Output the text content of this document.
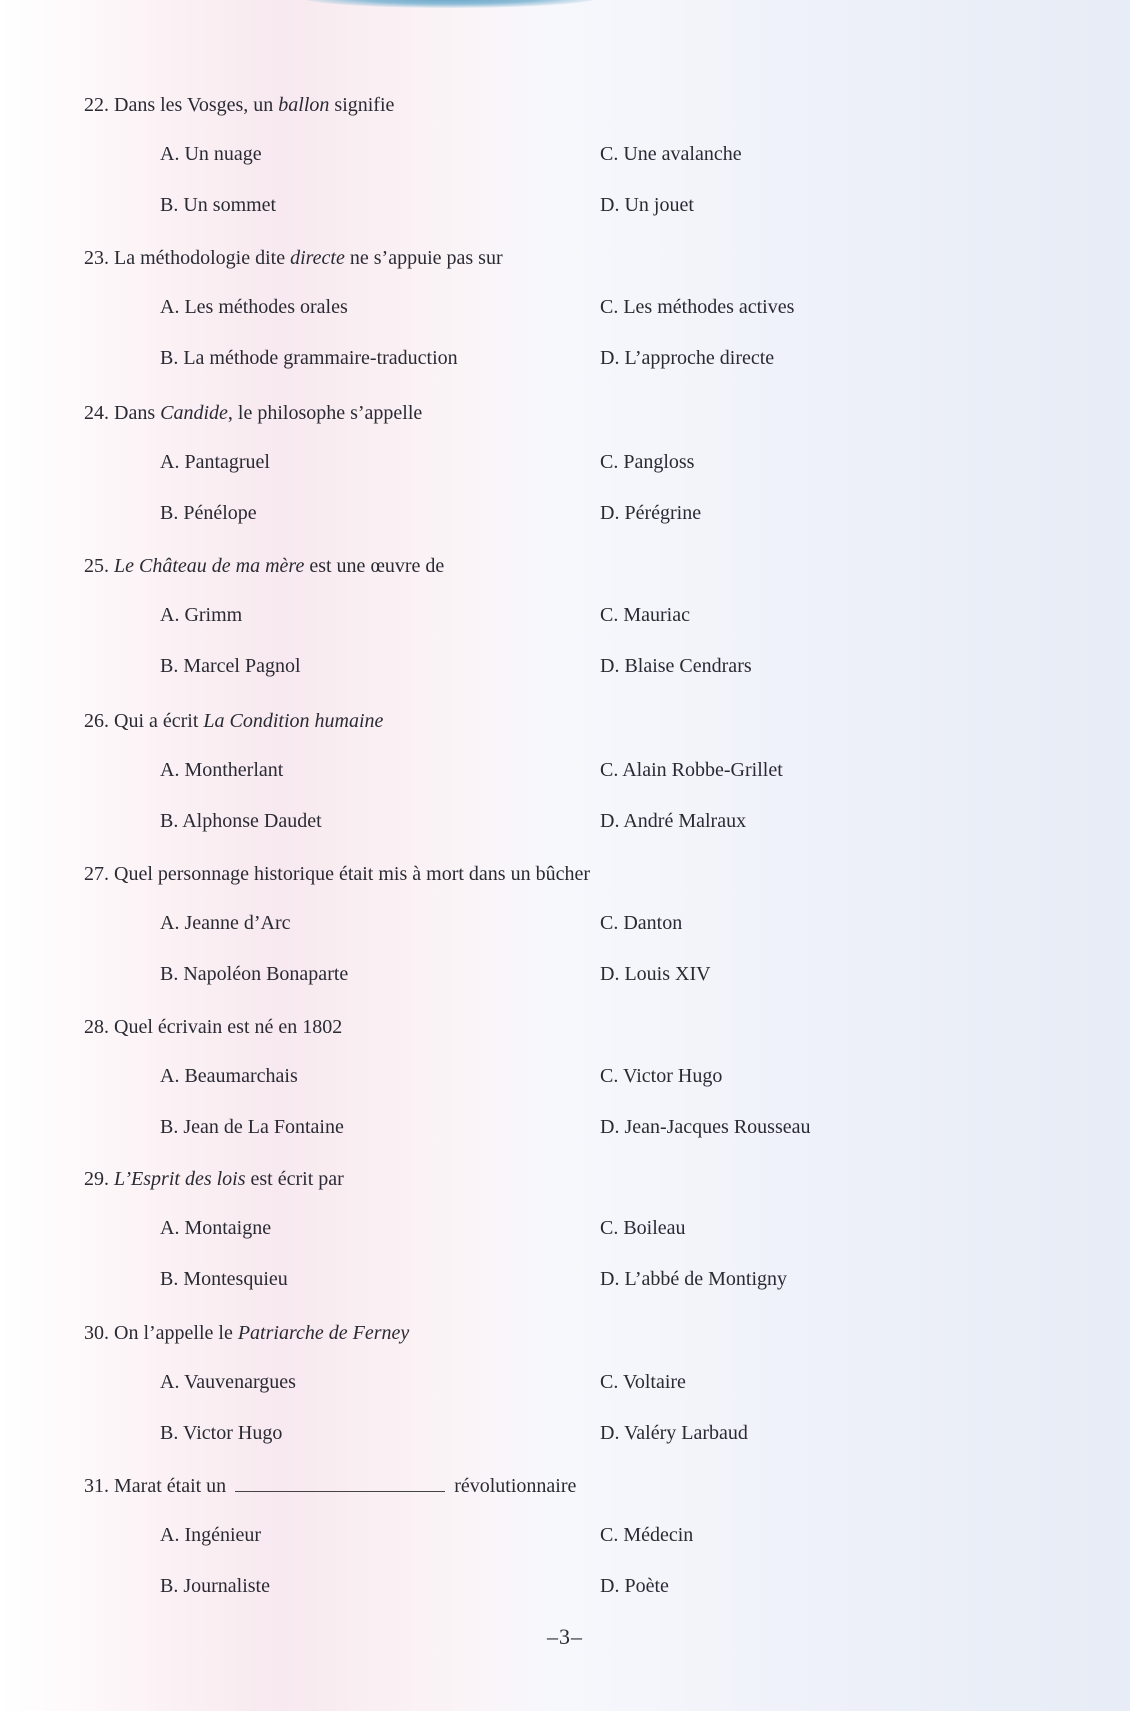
22. Dans les Vosges, un ballon signifie
A. Un nuage
B. Un sommet
C. Une avalanche
D. Un jouet
23. La méthodologie dite directe ne s’appuie pas sur
A. Les méthodes orales
B. La méthode grammaire-traduction
C. Les méthodes actives
D. L’approche directe
24. Dans Candide, le philosophe s’appelle
A. Pantagruel
B. Pénélope
C. Pangloss
D. Pérégrine
25. Le Château de ma mère est une œuvre de
A. Grimm
B. Marcel Pagnol
C. Mauriac
D. Blaise Cendrars
26. Qui a écrit La Condition humaine
A. Montherlant
B. Alphonse Daudet
C. Alain Robbe-Grillet
D. André Malraux
27. Quel personnage historique était mis à mort dans un bûcher
A. Jeanne d’Arc
B. Napoléon Bonaparte
C. Danton
D. Louis XIV
28. Quel écrivain est né en 1802
A. Beaumarchais
B. Jean de La Fontaine
C. Victor Hugo
D. Jean-Jacques Rousseau
29. L’Esprit des lois est écrit par
A. Montaigne
B. Montesquieu
C. Boileau
D. L’abbé de Montigny
30. On l’appelle le Patriarche de Ferney
A. Vauvenargues
B. Victor Hugo
C. Voltaire
D. Valéry Larbaud
31. Marat était un	révolutionnaire
A. Ingénieur
B. Journaliste
C. Médecin
D. Poète
–3–
